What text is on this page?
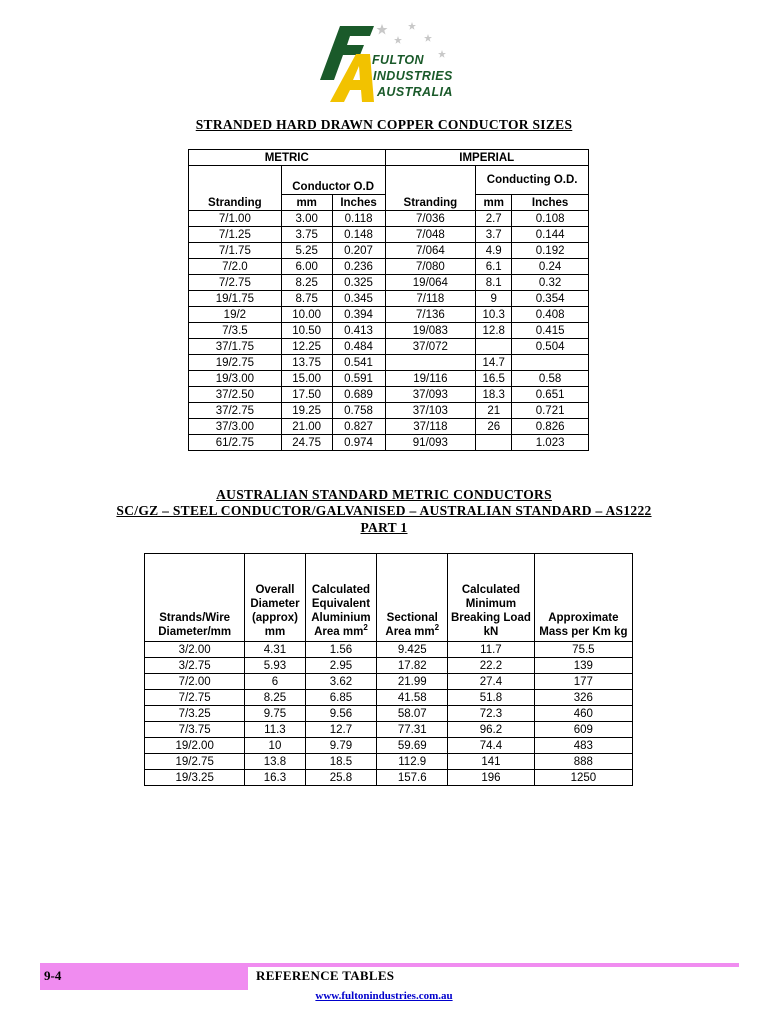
FULTON
INDUSTRIES
AUSTRALIA
STRANDED HARD DRAWN COPPER CONDUCTOR SIZES
METRIC			IMPERIAL		
Stranding	Conductor O.D		Stranding	Conducting O.D.	
	mm	Inches		mm	Inches
7/1.00	3.00	0.118	7/036	2.7	0.108
7/1.25	3.75	0.148	7/048	3.7	0.144
7/1.75	5.25	0.207	7/064	4.9	0.192
7/2.0	6.00	0.236	7/080	6.1	0.24
7/2.75	8.25	0.325	19/064	8.1	0.32
19/1.75	8.75	0.345	7/118	9	0.354
19/2	10.00	0.394	7/136	10.3	0.408
7/3.5	10.50	0.413	19/083	12.8	0.415
37/1.75	12.25	0.484	37/072		0.504
19/2.75	13.75	0.541		14.7	
19/3.00	15.00	0.591	19/116	16.5	0.58
37/2.50	17.50	0.689	37/093	18.3	0.651
37/2.75	19.25	0.758	37/103	21	0.721
37/3.00	21.00	0.827	37/118	26	0.826
61/2.75	24.75	0.974	91/093		1.023
AUSTRALIAN STANDARD METRIC CONDUCTORS
SC/GZ – STEEL CONDUCTOR/GALVANISED – AUSTRALIAN STANDARD – AS1222
PART 1
Strands/Wire Diameter/mm	Overall Diameter (approx) mm	Calculated Equivalent Aluminium Area $mm^2$	Sectional Area $mm^2$	Calculated Minimum Breaking Load kN	Approximate Mass per Km kg
3/2.00	4.31	1.56	9.425	11.7	75.5
3/2.75	5.93	2.95	17.82	22.2	139
7/2.00	6	3.62	21.99	27.4	177
7/2.75	8.25	6.85	41.58	51.8	326
7/3.25	9.75	9.56	58.07	72.3	460
7/3.75	11.3	12.7	77.31	96.2	609
19/2.00	10	9.79	59.69	74.4	483
19/2.75	13.8	18.5	112.9	141	888
19/3.25	16.3	25.8	157.6	196	1250
9-4	REFERENCE TABLES
www.fultonindustries.com.au
